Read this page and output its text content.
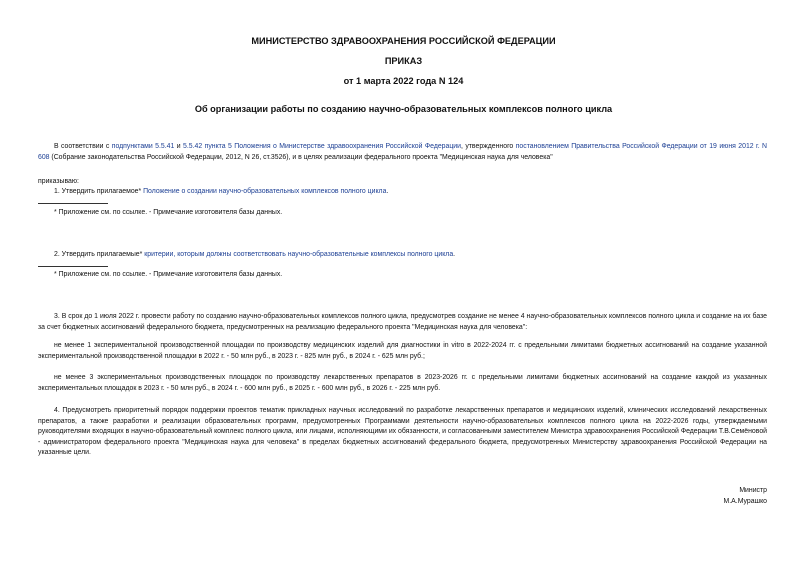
МИНИСТЕРСТВО ЗДРАВООХРАНЕНИЯ РОССИЙСКОЙ ФЕДЕРАЦИИ
ПРИКАЗ
от 1 марта 2022 года N 124
Об организации работы по созданию научно-образовательных комплексов полного цикла
В соответствии с подпунктами 5.5.41 и 5.5.42 пункта 5 Положения о Министерстве здравоохранения Российской Федерации, утвержденного постановлением Правительства Российской Федерации от 19 июня 2012 г. N 608 (Собрание законодательства Российской Федерации, 2012, N 26, ст.3526), и в целях реализации федерального проекта "Медицинская наука для человека"
приказываю:
1. Утвердить прилагаемое* Положение о создании научно-образовательных комплексов полного цикла.
* Приложение см. по ссылке. - Примечание изготовителя базы данных.
2. Утвердить прилагаемые* критерии, которым должны соответствовать научно-образовательные комплексы полного цикла.
* Приложение см. по ссылке. - Примечание изготовителя базы данных.
3. В срок до 1 июля 2022 г. провести работу по созданию научно-образовательных комплексов полного цикла, предусмотрев создание не менее 4 научно-образовательных комплексов полного цикла и создание на их базе за счет бюджетных ассигнований федерального бюджета, предусмотренных на реализацию федерального проекта "Медицинская наука для человека":
не менее 1 экспериментальной производственной площадки по производству медицинских изделий для диагностики in vitro в 2022-2024 гг. с предельными лимитами бюджетных ассигнований на создание указанной экспериментальной производственной площадки в 2022 г. - 50 млн руб., в 2023 г. - 825 млн руб., в 2024 г. - 625 млн руб.;
не менее 3 экспериментальных производственных площадок по производству лекарственных препаратов в 2023-2026 гг. с предельными лимитами бюджетных ассигнований на создание каждой из указанных экспериментальных площадок в 2023 г. - 50 млн руб., в 2024 г. - 600 млн руб., в 2025 г. - 600 млн руб., в 2026 г. - 225 млн руб.
4. Предусмотреть приоритетный порядок поддержки проектов тематик прикладных научных исследований по разработке лекарственных препаратов и медицинских изделий, клинических исследований лекарственных препаратов, а также разработки и реализации образовательных программ, предусмотренных Программами деятельности научно-образовательных комплексов полного цикла на 2022-2026 годы, утверждаемыми руководителями входящих в научно-образовательный комплекс полного цикла, или лицами, исполняющими их обязанности, и согласованными заместителем Министра здравоохранения Российской Федерации Т.В.Семёновой - администратором федерального проекта "Медицинская наука для человека" в пределах бюджетных ассигнований федерального бюджета, предусмотренных Министерству здравоохранения Российской Федерации на указанные цели.
Министр
М.А.Мурашко
